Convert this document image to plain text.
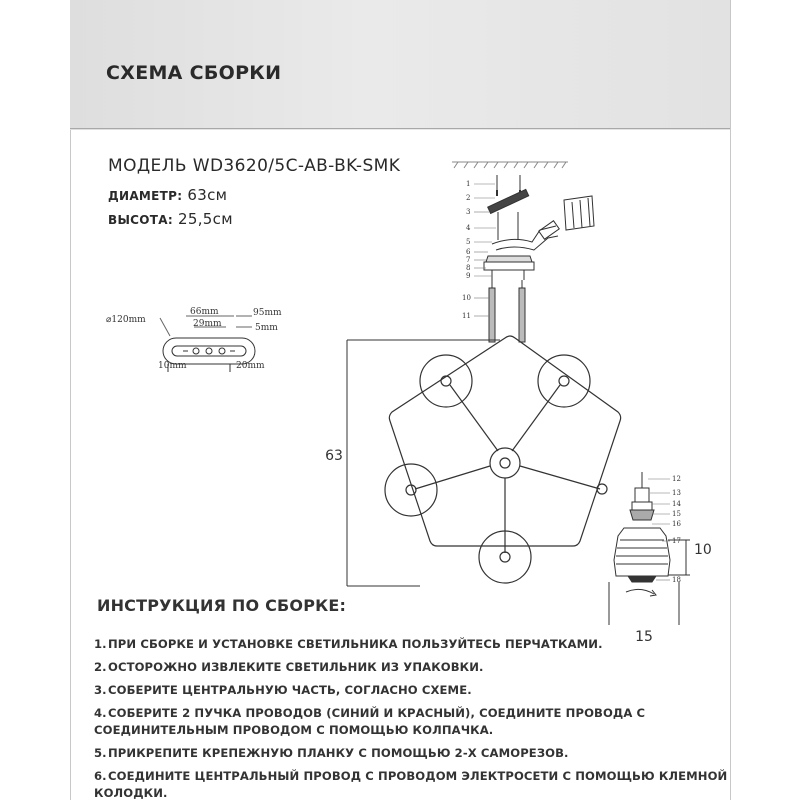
СХЕМА СБОРКИ
МОДЕЛЬ WD3620/5C-AB-BK-SMK
ДИАМЕТР: 63см
ВЫСОТА: 25,5см
1
2
3
4
5
6
7
8
9
10
11
⌀120mm
66mm
29mm
95mm
5mm
10mm	20mm
63
12
13
14
15
16
17
18
10
15
ИНСТРУКЦИЯ ПО СБОРКЕ:
1.ПРИ СБОРКЕ И УСТАНОВКЕ СВЕТИЛЬНИКА ПОЛЬЗУЙТЕСЬ ПЕРЧАТКАМИ.
2.ОСТОРОЖНО ИЗВЛЕКИТЕ СВЕТИЛЬНИК ИЗ УПАКОВКИ.
3.СОБЕРИТЕ ЦЕНТРАЛЬНУЮ ЧАСТЬ, СОГЛАСНО СХЕМЕ.
4.СОБЕРИТЕ 2 ПУЧКА ПРОВОДОВ (СИНИЙ И КРАСНЫЙ), СОЕДИНИТЕ ПРОВОДА С СОЕДИНИТЕЛЬНЫМ ПРОВОДОМ С ПОМОЩЬЮ КОЛПАЧКА.
5.ПРИКРЕПИТЕ КРЕПЕЖНУЮ ПЛАНКУ С ПОМОЩЬЮ 2-Х САМОРЕЗОВ.
6.СОЕДИНИТЕ ЦЕНТРАЛЬНЫЙ ПРОВОД С ПРОВОДОМ ЭЛЕКТРОСЕТИ С ПОМОЩЬЮ КЛЕМНОЙ КОЛОДКИ.
